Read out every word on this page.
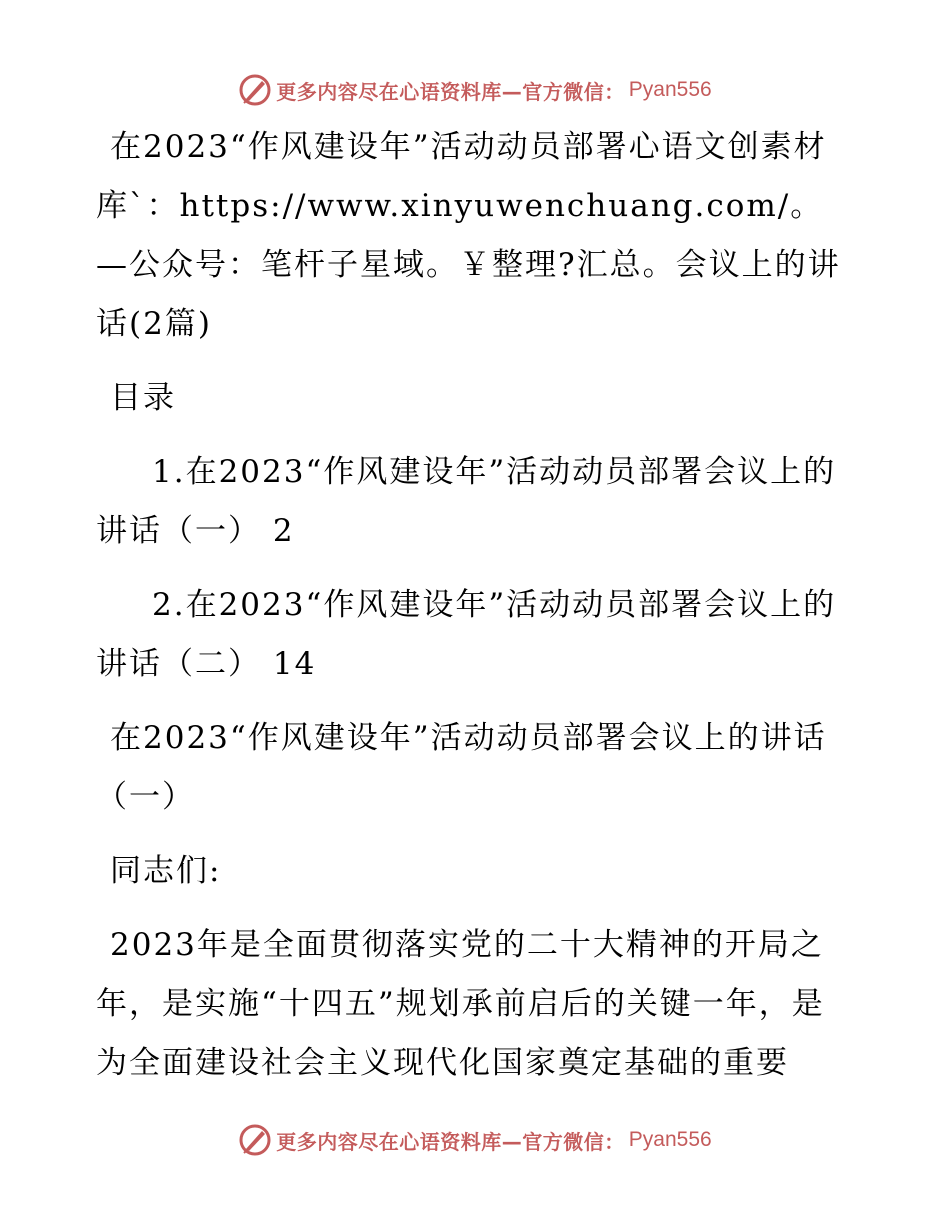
更多内容尽在心语资料库—官方微信： Pyan556

在2023“作风建设年”活动动员部署心语文创素材库`：https://www.xinyuwenchuang.com/。—公众号：笔杆子星域。￥整理?汇总。会议上的讲话(2篇)

目录

1.在2023“作风建设年”活动动员部署会议上的讲话（一） 2

2.在2023“作风建设年”活动动员部署会议上的讲话（二） 14

在2023“作风建设年”活动动员部署会议上的讲话（一）

同志们:

2023年是全面贯彻落实党的二十大精神的开局之年，是实施“十四五”规划承前启后的关键一年，是为全面建设社会主义现代化国家奠定基础的重要

更多内容尽在心语资料库—官方微信： Pyan556
